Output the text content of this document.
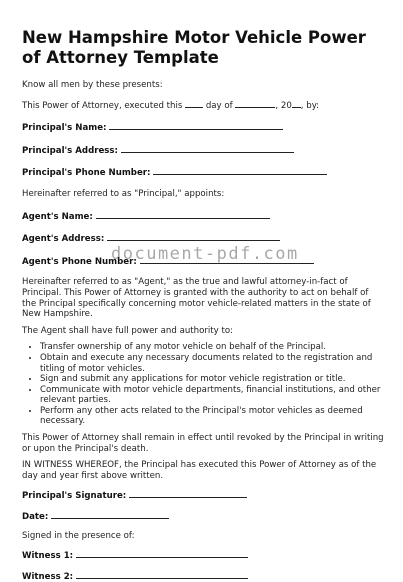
New Hampshire Motor Vehicle Power of Attorney Template

Know all men by these presents:

This Power of Attorney, executed this	day of	, 20 , by:

Principal's Name:

Principal's Address:

Principal's Phone Number:

Hereinafter referred to as "Principal," appoints:

Agent's Name:

Agent's Address:

Agent's Phone Number:

Hereinafter referred to as "Agent," as the true and lawful attorney-in-fact of Principal. This Power of Attorney is granted with the authority to act on behalf of the Principal specifically concerning motor vehicle-related matters in the state of New Hampshire.

The Agent shall have full power and authority to:

• Transfer ownership of any motor vehicle on behalf of the Principal.
• Obtain and execute any necessary documents related to the registration and titling of motor vehicles.
• Sign and submit any applications for motor vehicle registration or title.
• Communicate with motor vehicle departments, financial institutions, and other relevant parties.
• Perform any other acts related to the Principal's motor vehicles as deemed necessary.

This Power of Attorney shall remain in effect until revoked by the Principal in writing or upon the Principal's death.

IN WITNESS WHEREOF, the Principal has executed this Power of Attorney as of the day and year first above written.

Principal's Signature:

Date:

Signed in the presence of:

Witness 1:

Witness 2:

document-pdf.com
